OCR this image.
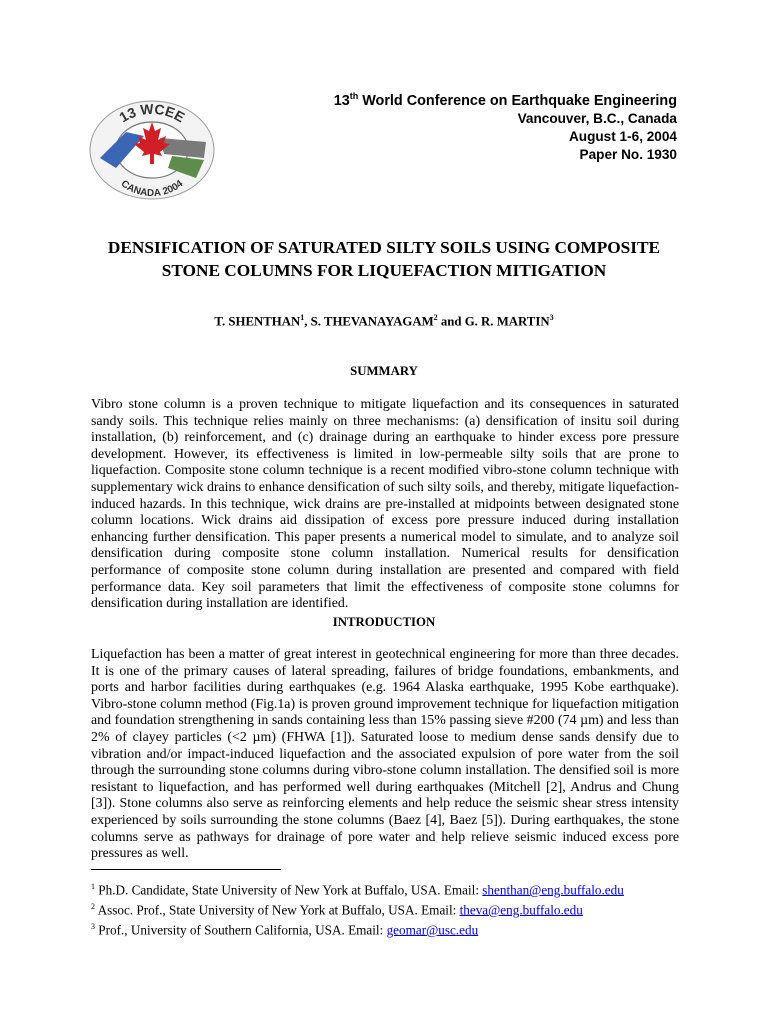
13 WCEE
CANADA 2004
13th World Conference on Earthquake Engineering
Vancouver, B.C., Canada
August 1-6, 2004
Paper No. 1930
DENSIFICATION OF SATURATED SILTY SOILS USING COMPOSITE
STONE COLUMNS FOR LIQUEFACTION MITIGATION
T. SHENTHAN$^1$, S. THEVANAYAGAM$^2$ and G. R. MARTIN$^3$
SUMMARY
Vibro stone column is a proven technique to mitigate liquefaction and its consequences in saturated sandy soils. This technique relies mainly on three mechanisms: (a) densification of insitu soil during installation, (b) reinforcement, and (c) drainage during an earthquake to hinder excess pore pressure development. However, its effectiveness is limited in low-permeable silty soils that are prone to liquefaction. Composite stone column technique is a recent modified vibro-stone column technique with supplementary wick drains to enhance densification of such silty soils, and thereby, mitigate liquefaction-induced hazards. In this technique, wick drains are pre-installed at midpoints between designated stone column locations. Wick drains aid dissipation of excess pore pressure induced during installation enhancing further densification. This paper presents a numerical model to simulate, and to analyze soil densification during composite stone column installation. Numerical results for densification performance of composite stone column during installation are presented and compared with field performance data. Key soil parameters that limit the effectiveness of composite stone columns for densification during installation are identified.
INTRODUCTION
Liquefaction has been a matter of great interest in geotechnical engineering for more than three decades. It is one of the primary causes of lateral spreading, failures of bridge foundations, embankments, and ports and harbor facilities during earthquakes (e.g. 1964 Alaska earthquake, 1995 Kobe earthquake). Vibro-stone column method (Fig.1a) is proven ground improvement technique for liquefaction mitigation and foundation strengthening in sands containing less than 15% passing sieve #200 (74 µm) and less than 2% of clayey particles (<2 µm) (FHWA [1]). Saturated loose to medium dense sands densify due to vibration and/or impact-induced liquefaction and the associated expulsion of pore water from the soil through the surrounding stone columns during vibro-stone column installation. The densified soil is more resistant to liquefaction, and has performed well during earthquakes (Mitchell [2], Andrus and Chung [3]). Stone columns also serve as reinforcing elements and help reduce the seismic shear stress intensity experienced by soils surrounding the stone columns (Baez [4], Baez [5]). During earthquakes, the stone columns serve as pathways for drainage of pore water and help relieve seismic induced excess pore pressures as well.
$^1$ Ph.D. Candidate, State University of New York at Buffalo, USA. Email: shenthan@eng.buffalo.edu
$^2$ Assoc. Prof., State University of New York at Buffalo, USA. Email: theva@eng.buffalo.edu
$^3$ Prof., University of Southern California, USA. Email: geomar@usc.edu
